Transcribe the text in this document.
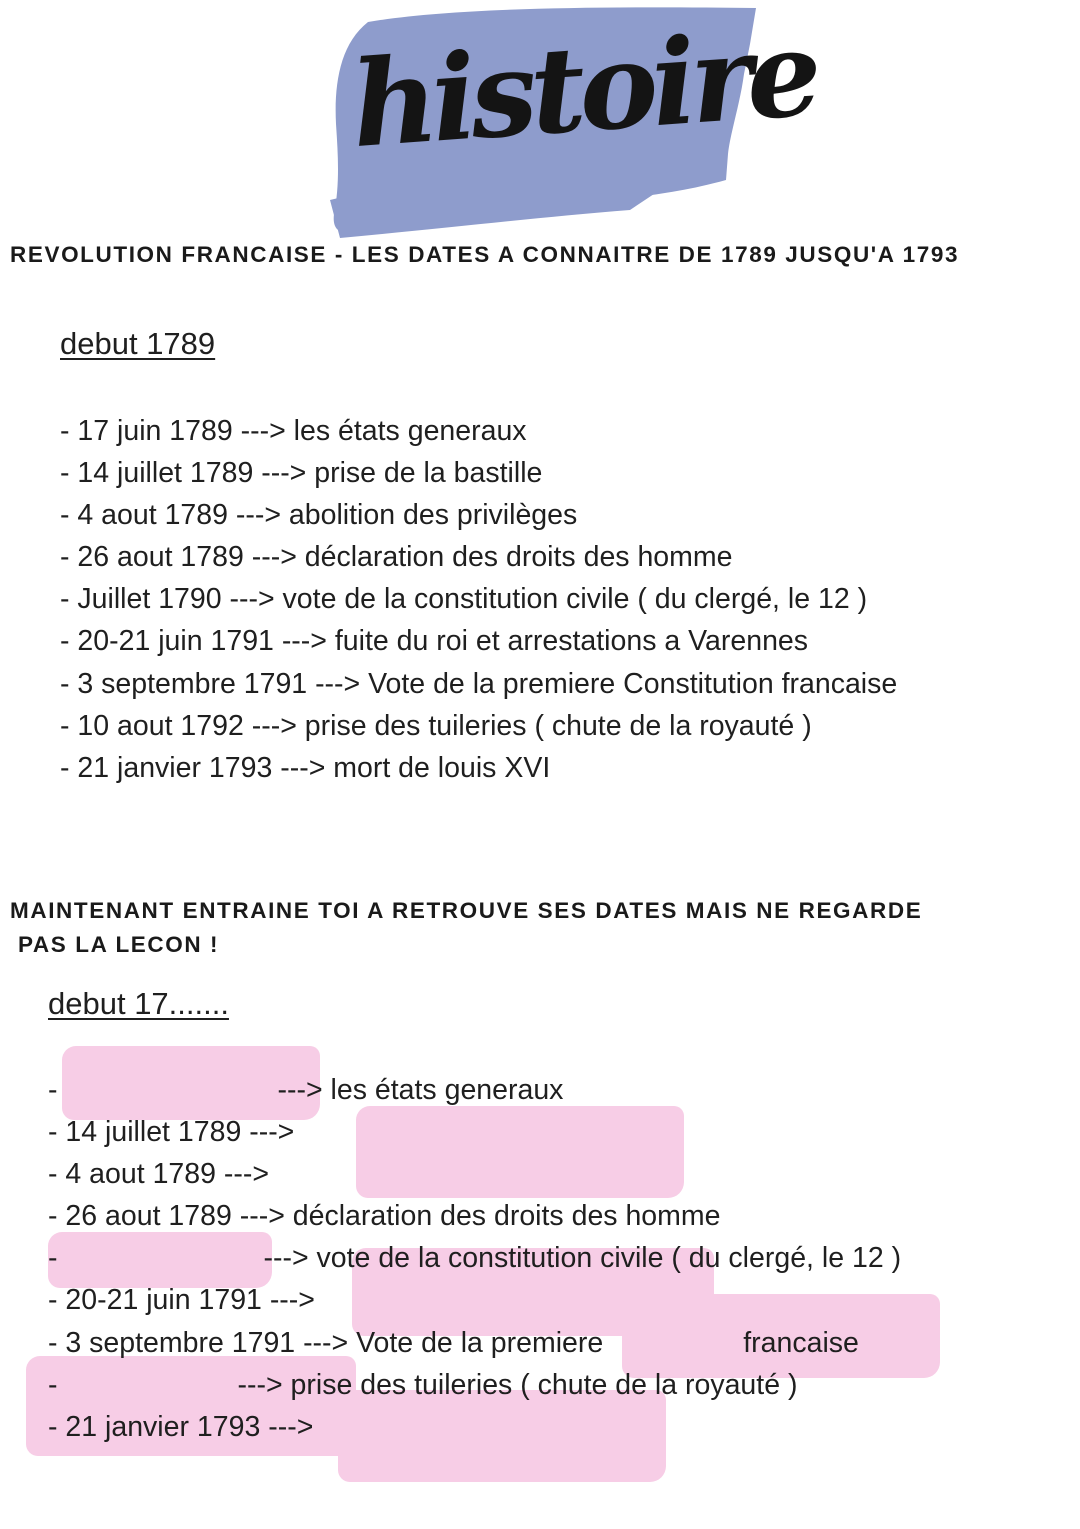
histoire

REVOLUTION FRANCAISE - LES DATES A CONNAITRE DE 1789 JUSQU'A 1793

debut 1789
- 17 juin 1789 ---> les états generaux
- 14 juillet 1789 ---> prise de la bastille
- 4 aout 1789 ---> abolition des privilèges
- 26 aout 1789 ---> déclaration des droits des homme
- Juillet 1790 ---> vote de la constitution civile ( du clergé, le 12 )
- 20-21 juin 1791 ---> fuite du roi et arrestations a Varennes
- 3 septembre 1791 ---> Vote de la premiere Constitution francaise
- 10 aout 1792 ---> prise des tuileries ( chute de la royauté )
- 21 janvier 1793 ---> mort de louis XVI

MAINTENANT ENTRAINE TOI A RETROUVE SES DATES MAIS NE REGARDE

PAS LA LECON !

debut 17.......
-	---> les états generaux
- 14 juillet 1789 --->
- 4 aout 1789 --->
- 26 aout 1789 ---> déclaration des droits des homme
-	---> vote de la constitution civile ( du clergé, le 12 )
- 20-21 juin 1791 --->
- 3 septembre 1791 ---> Vote de la premiere	francaise
-	---> prise des tuileries ( chute de la royauté )
- 21 janvier 1793 --->
